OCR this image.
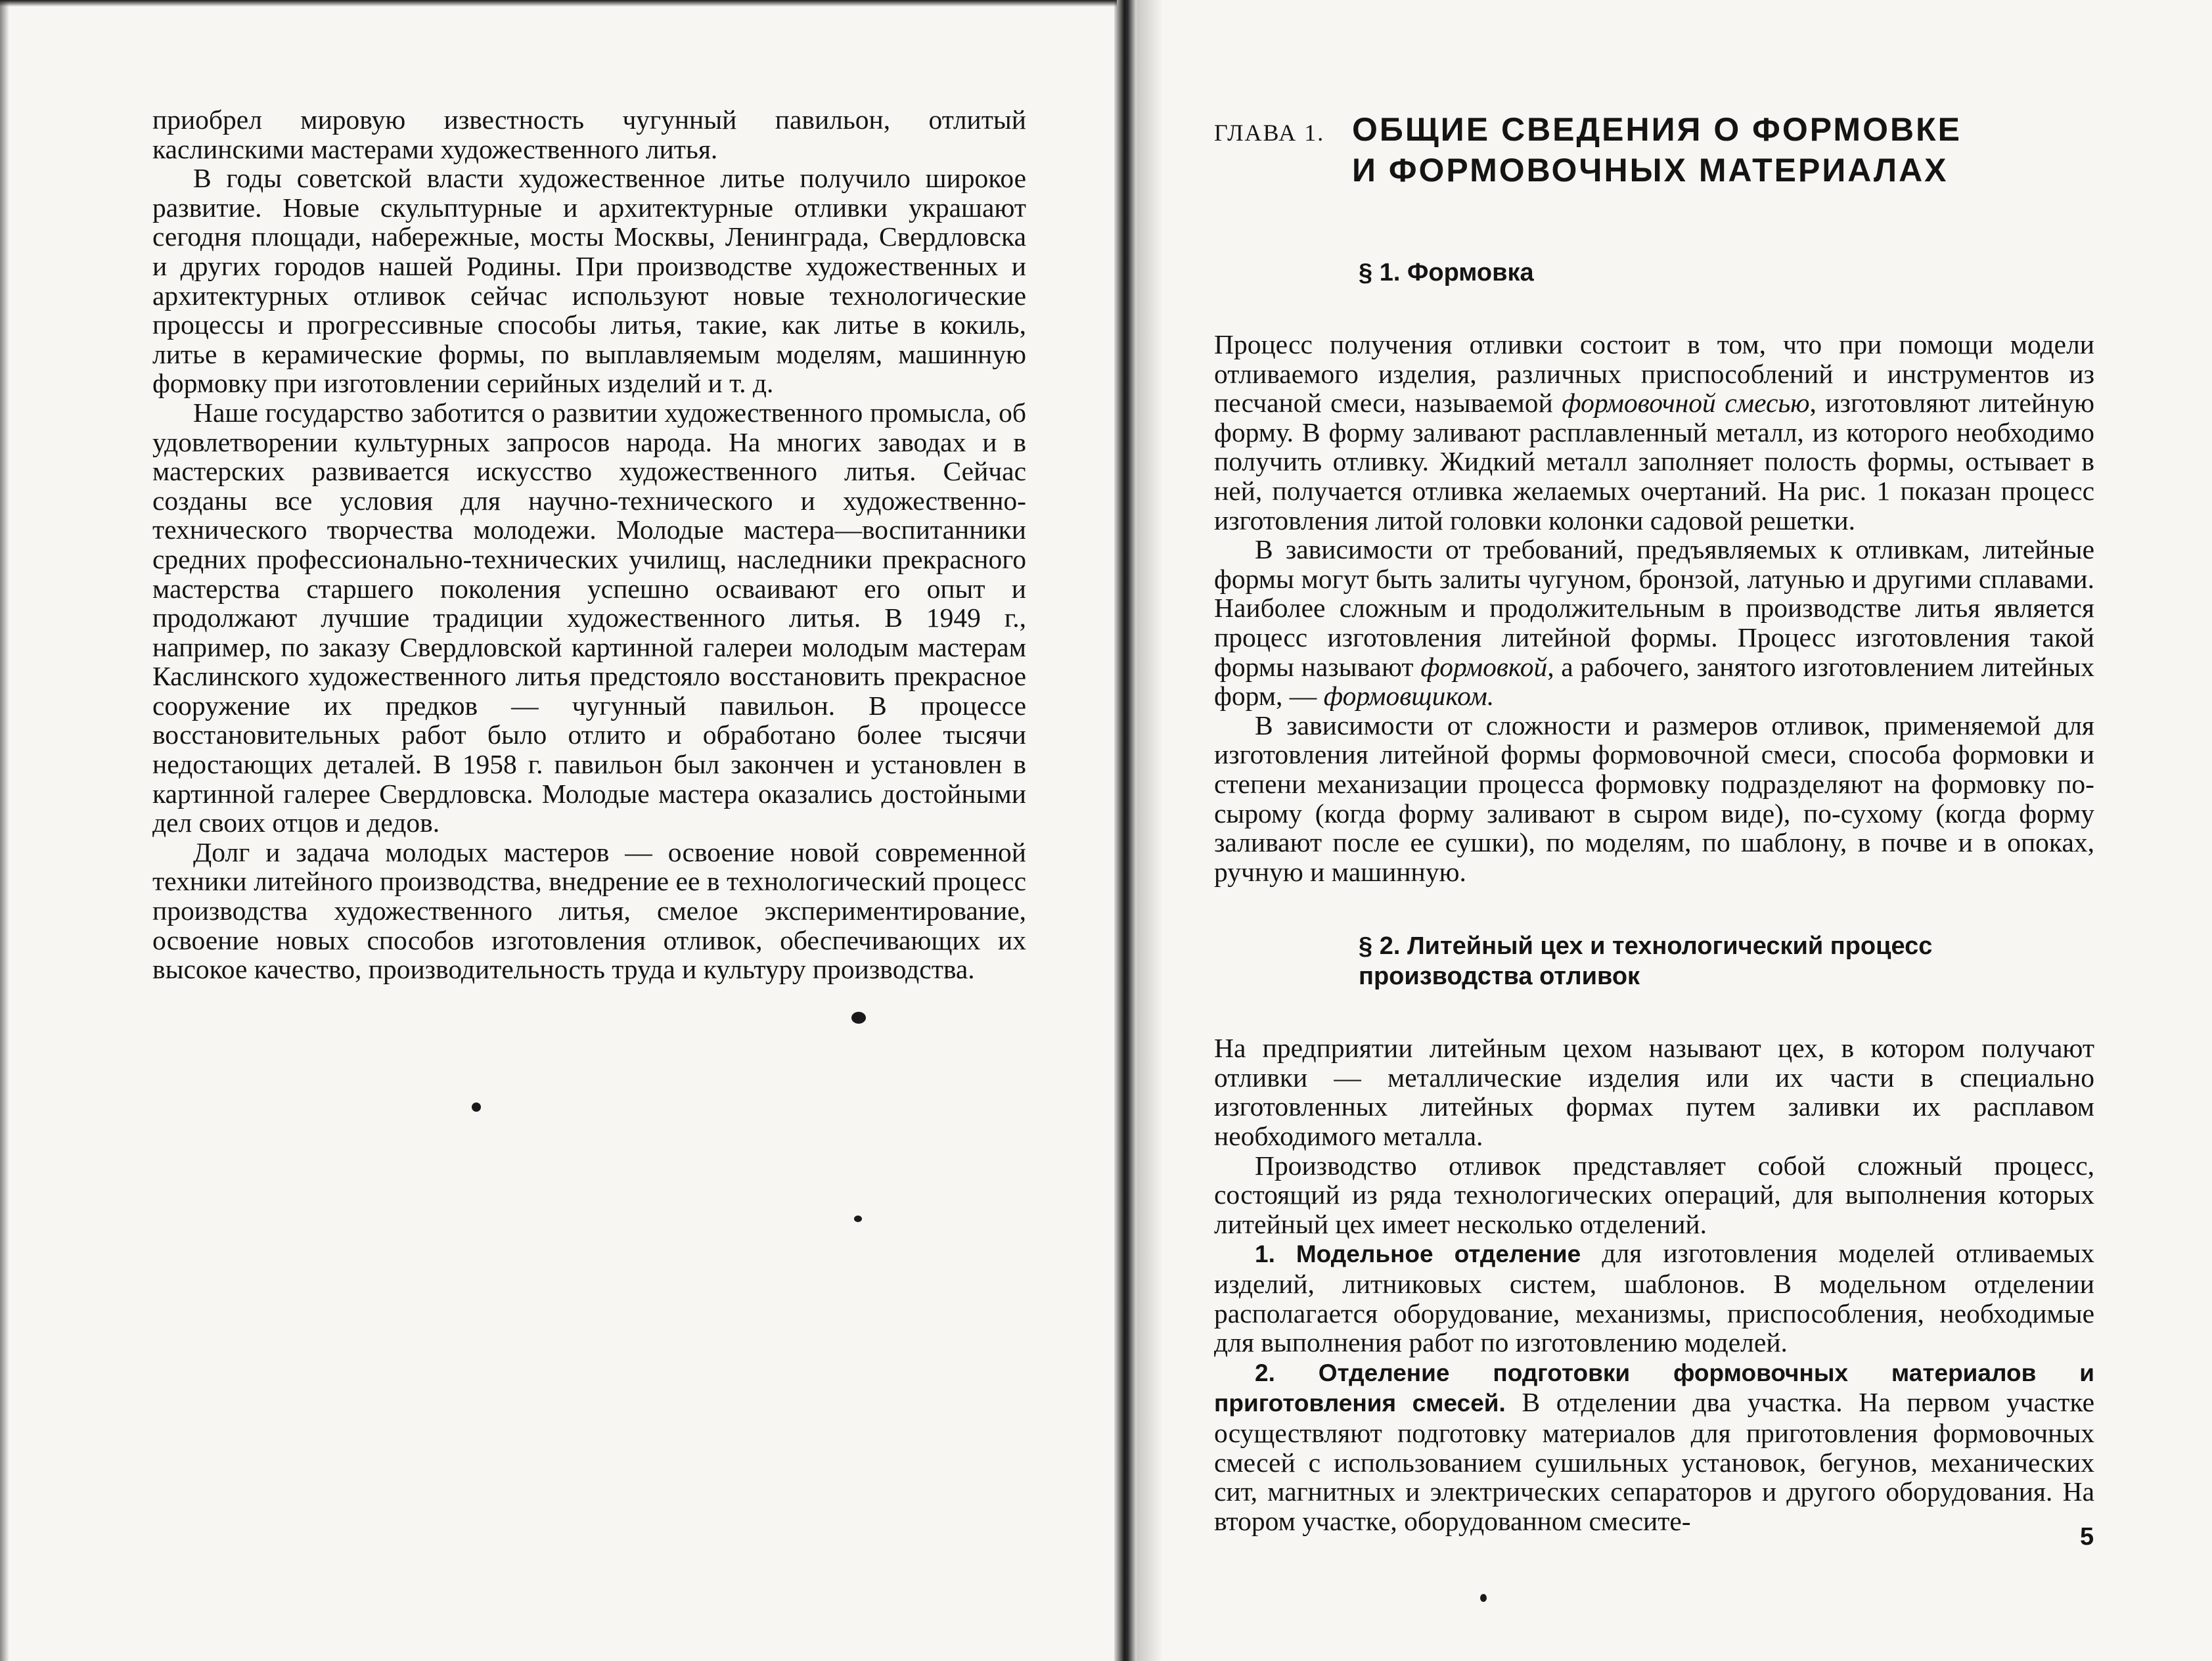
приобрел мировую известность чугунный павильон, отлитый каслинскими мастерами художественного литья.

В годы советской власти художественное литье получило широкое развитие. Новые скульптурные и архитектурные отливки украшают сегодня площади, набережные, мосты Москвы, Ленинграда, Свердловска и других городов нашей Родины. При производстве художественных и архитектурных отливок сейчас используют новые технологические процессы и прогрессивные способы литья, такие, как литье в кокиль, литье в керамические формы, по выплавляемым моделям, машинную формовку при изготовлении серийных изделий и т. д.

Наше государство заботится о развитии художественного промысла, об удовлетворении культурных запросов народа. На многих заводах и в мастерских развивается искусство художественного литья. Сейчас созданы все условия для научно-технического и художественно-технического творчества молодежи. Молодые мастера—воспитанники средних профессионально-технических училищ, наследники прекрасного мастерства старшего поколения успешно осваивают его опыт и продолжают лучшие традиции художественного литья. В 1949 г., например, по заказу Свердловской картинной галереи молодым мастерам Каслинского художественного литья предстояло восстановить прекрасное сооружение их предков — чугунный павильон. В процессе восстановительных работ было отлито и обработано более тысячи недостающих деталей. В 1958 г. павильон был закончен и установлен в картинной галерее Свердловска. Молодые мастера оказались достойными дел своих отцов и дедов.

Долг и задача молодых мастеров — освоение новой современной техники литейного производства, внедрение ее в технологический процесс производства художественного литья, смелое экспериментирование, освоение новых способов изготовления отливок, обеспечивающих их высокое качество, производительность труда и культуру производства.

ГЛАВА 1. ОБЩИЕ СВЕДЕНИЯ О ФОРМОВКЕ
И ФОРМОВОЧНЫХ МАТЕРИАЛАХ
§ 1. Формовка

Процесс получения отливки состоит в том, что при помощи модели отливаемого изделия, различных приспособлений и инструментов из песчаной смеси, называемой формовочной смесью, изготовляют литейную форму. В форму заливают расплавленный металл, из которого необходимо получить отливку. Жидкий металл заполняет полость формы, остывает в ней, получается отливка желаемых очертаний. На рис. 1 показан процесс изготовления литой головки колонки садовой решетки.

В зависимости от требований, предъявляемых к отливкам, литейные формы могут быть залиты чугуном, бронзой, латунью и другими сплавами. Наиболее сложным и продолжительным в производстве литья является процесс изготовления литейной формы. Процесс изготовления такой формы называют формовкой, а рабочего, занятого изготовлением литейных форм, — формовщиком.

В зависимости от сложности и размеров отливок, применяемой для изготовления литейной формы формовочной смеси, способа формовки и степени механизации процесса формовку подразделяют на формовку по-сырому (когда форму заливают в сыром виде), по-сухому (когда форму заливают после ее сушки), по моделям, по шаблону, в почве и в опоках, ручную и машинную.

§ 2. Литейный цех и технологический процесс
производства отливок

На предприятии литейным цехом называют цех, в котором получают отливки — металлические изделия или их части в специально изготовленных литейных формах путем заливки их расплавом необходимого металла.

Производство отливок представляет собой сложный процесс, состоящий из ряда технологических операций, для выполнения которых литейный цех имеет несколько отделений.

1. Модельное отделение для изготовления моделей отливаемых изделий, литниковых систем, шаблонов. В модельном отделении располагается оборудование, механизмы, приспособления, необходимые для выполнения работ по изготовлению моделей.

2. Отделение подготовки формовочных материалов и приготовления смесей. В отделении два участка. На первом участке осуществляют подготовку материалов для приготовления формовочных смесей с использованием сушильных установок, бегунов, механических сит, магнитных и электрических сепараторов и другого оборудования. На втором участке, оборудованном смесите-

5
